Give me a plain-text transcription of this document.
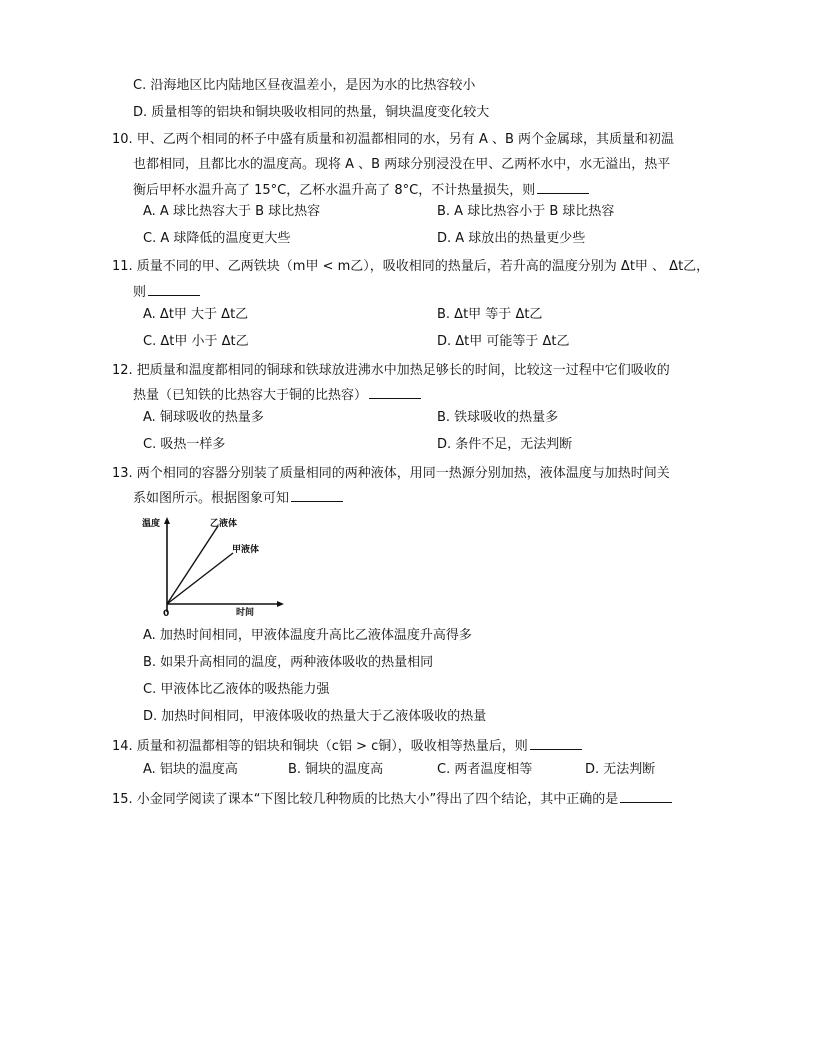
C. 沿海地区比内陆地区昼夜温差小，是因为水的比热容较小
D. 质量相等的铝块和铜块吸收相同的热量，铜块温度变化较大
10. 甲、乙两个相同的杯子中盛有质量和初温都相同的水，另有 A 、B 两个金属球，其质量和初温
也都相同，且都比水的温度高。现将 A 、B 两球分别浸没在甲、乙两杯水中，水无溢出，热平
衡后甲杯水温升高了 15°C，乙杯水温升高了 8°C，不计热量损失，则
A. A 球比热容大于 B 球比热容	B. A 球比热容小于 B 球比热容
C. A 球降低的温度更大些	D. A 球放出的热量更少些
11. 质量不同的甲、乙两铁块（m甲 < m乙），吸收相同的热量后，若升高的温度分别为 Δt甲 、 Δt乙，
则
A. Δt甲 大于 Δt乙	B. Δt甲 等于 Δt乙
C. Δt甲 小于 Δt乙	D. Δt甲 可能等于 Δt乙
12. 把质量和温度都相同的铜球和铁球放进沸水中加热足够长的时间，比较这一过程中它们吸收的
热量（已知铁的比热容大于铜的比热容）
A. 铜球吸收的热量多	B. 铁球吸收的热量多
C. 吸热一样多	D. 条件不足，无法判断
13. 两个相同的容器分别装了质量相同的两种液体，用同一热源分别加热，液体温度与加热时间关
系如图所示。根据图象可知
温度	乙液体
甲液体
0	时间
A. 加热时间相同，甲液体温度升高比乙液体温度升高得多
B. 如果升高相同的温度，两种液体吸收的热量相同
C. 甲液体比乙液体的吸热能力强
D. 加热时间相同，甲液体吸收的热量大于乙液体吸收的热量
14. 质量和初温都相等的铝块和铜块（c铝 > c铜），吸收相等热量后，则
A. 铝块的温度高	B. 铜块的温度高	C. 两者温度相等	D. 无法判断
15. 小金同学阅读了课本“下图比较几种物质的比热大小”得出了四个结论，其中正确的是
